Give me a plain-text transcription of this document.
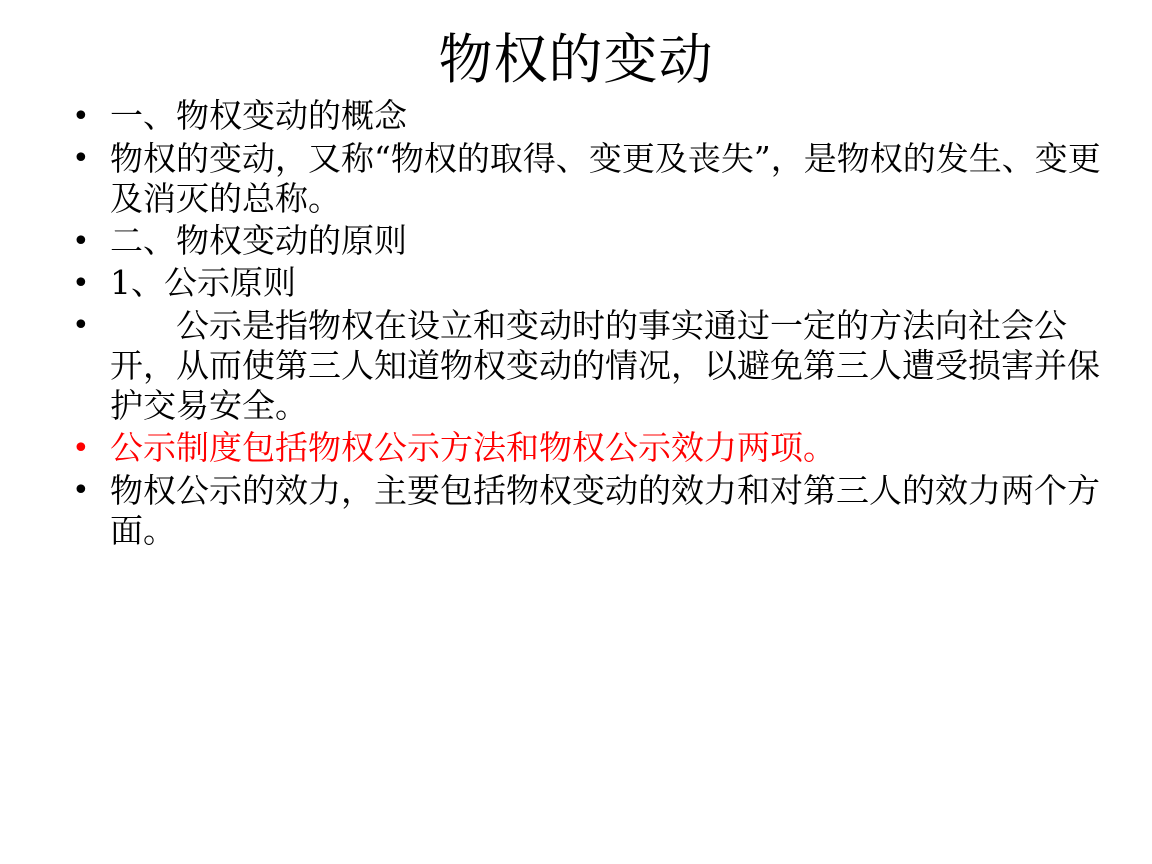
物权的变动
• 一、物权变动的概念
• 物权的变动，又称“物权的取得、变更及丧失”，是物权的发生、变更及消灭的总称。
• 二、物权变动的原则
• 1、公示原则
• 　　公示是指物权在设立和变动时的事实通过一定的方法向社会公开，从而使第三人知道物权变动的情况，以避免第三人遭受损害并保护交易安全。
• 公示制度包括物权公示方法和物权公示效力两项。
• 物权公示的效力，主要包括物权变动的效力和对第三人的效力两个方面。
